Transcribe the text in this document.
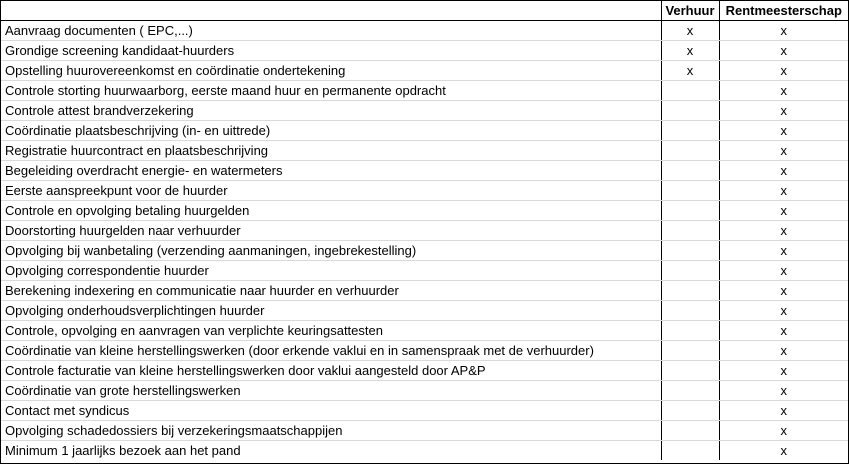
	Verhuur	Rentmeesterschap
Aanvraag documenten ( EPC,...)	x	x
Grondige screening kandidaat-huurders	x	x
Opstelling huurovereenkomst en coördinatie ondertekening	x	x
Controle storting huurwaarborg, eerste maand huur en permanente opdracht		x
Controle attest brandverzekering		x
Coördinatie plaatsbeschrijving (in- en uittrede)		x
Registratie huurcontract en plaatsbeschrijving		x
Begeleiding overdracht energie- en watermeters		x
Eerste aanspreekpunt voor de huurder		x
Controle en opvolging betaling huurgelden		x
Doorstorting huurgelden naar verhuurder		x
Opvolging bij wanbetaling (verzending aanmaningen, ingebrekestelling)		x
Opvolging correspondentie huurder		x
Berekening indexering en communicatie naar huurder en verhuurder		x
Opvolging onderhoudsverplichtingen huurder		x
Controle, opvolging en aanvragen van verplichte keuringsattesten		x
Coördinatie van kleine herstellingswerken (door erkende vaklui en in samenspraak met de verhuurder)		x
Controle facturatie van kleine herstellingswerken door vaklui aangesteld door AP&P		x
Coördinatie van grote herstellingswerken		x
Contact met syndicus		x
Opvolging schadedossiers bij verzekeringsmaatschappijen		x
Minimum 1 jaarlijks bezoek aan het pand		x
